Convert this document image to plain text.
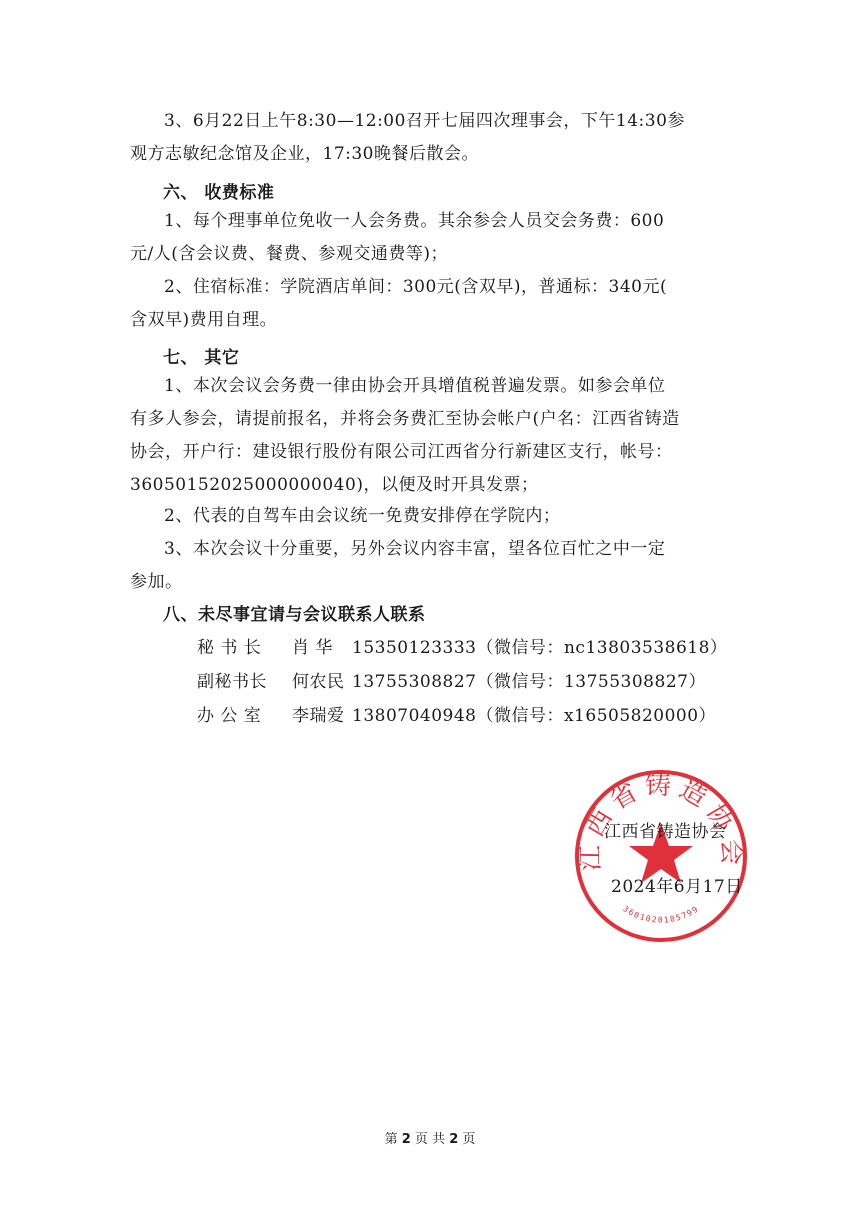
3、6月22日上午8:30—12:00召开七届四次理事会，下午14:30参

观方志敏纪念馆及企业，17:30晚餐后散会。

六、 收费标准

1、每个理事单位免收一人会务费。其余参会人员交会务费：600

元/人(含会议费、餐费、参观交通费等)；

2、住宿标准：学院酒店单间：300元(含双早)，普通标：340元(

含双早)费用自理。

七、 其它

1、本次会议会务费一律由协会开具增值税普遍发票。如参会单位

有多人参会，请提前报名，并将会务费汇至协会帐户(户名：江西省铸造
协会，开户行：建设银行股份有限公司江西省分行新建区支行，帐号：
36050152025000000040)，以便及时开具发票；

2、代表的自驾车由会议统一免费安排停在学院内；

3、本次会议十分重要，另外会议内容丰富，望各位百忙之中一定

参加。

八、未尽事宜请与会议联系人联系

秘 书 长 肖 华 15350123333（微信号：nc13803538618）

副秘书长 何农民 13755308827（微信号：13755308827）

办 公 室 李瑞爱 13807040948（微信号：x16505820000）

江西省铸造协会
3601020185799
江西省铸造协会
2024年6月17日
第 2 页 共 2 页
